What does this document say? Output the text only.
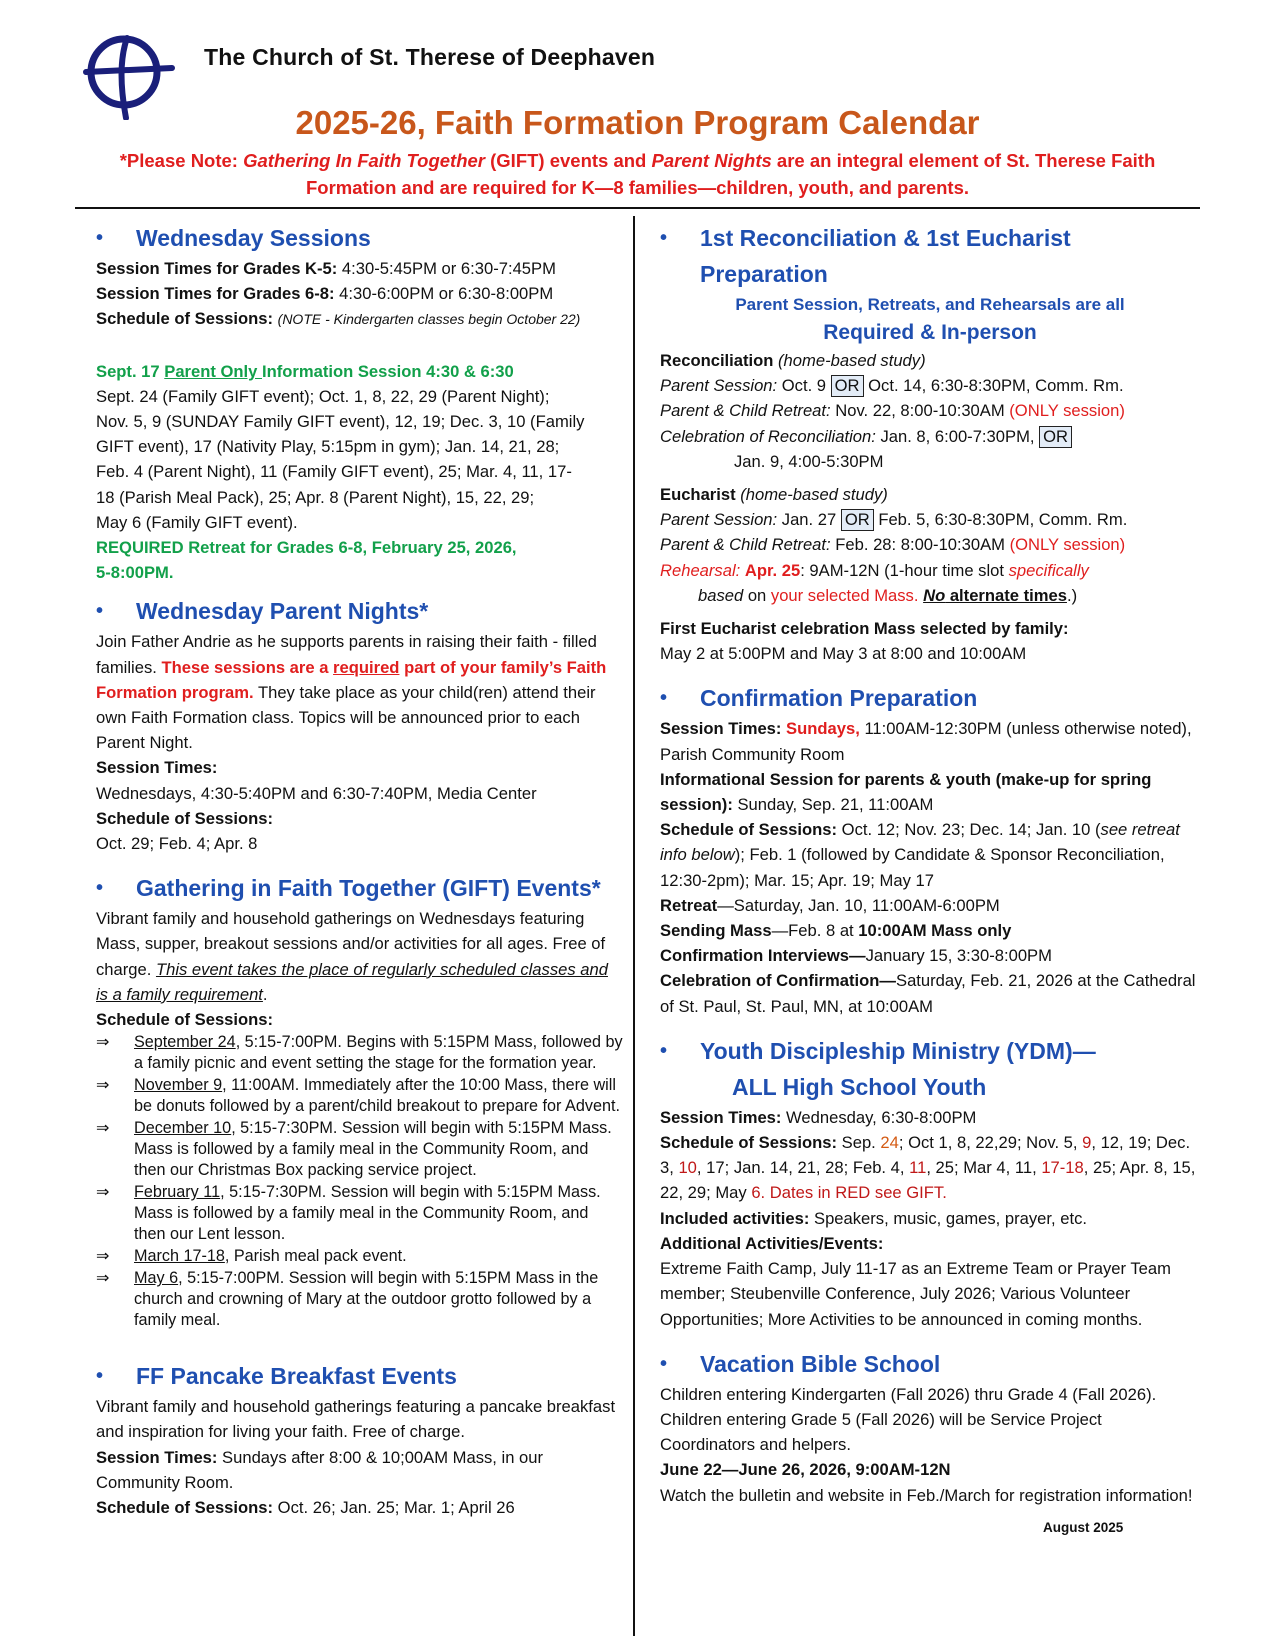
The Church of St. Therese of Deephaven
2025-26, Faith Formation Program Calendar
*Please Note: Gathering In Faith Together (GIFT) events and Parent Nights are an integral element of St. Therese Faith Formation and are required for K—8 families—children, youth, and parents.
• Wednesday Sessions
Session Times for Grades K-5: 4:30-5:45PM or 6:30-7:45PM
Session Times for Grades 6-8: 4:30-6:00PM or 6:30-8:00PM
Schedule of Sessions: (NOTE - Kindergarten classes begin October 22)
Sept. 17 Parent Only Information Session 4:30 & 6:30
Sept. 24 (Family GIFT event); Oct. 1, 8, 22, 29 (Parent Night);
Nov. 5, 9 (SUNDAY Family GIFT event), 12, 19; Dec. 3, 10 (Family
GIFT event), 17 (Nativity Play, 5:15pm in gym); Jan. 14, 21, 28;
Feb. 4 (Parent Night), 11 (Family GIFT event), 25; Mar. 4, 11, 17-
18 (Parish Meal Pack), 25; Apr. 8 (Parent Night), 15, 22, 29;
May 6 (Family GIFT event).
REQUIRED Retreat for Grades 6-8, February 25, 2026,
5-8:00PM.
• Wednesday Parent Nights*
Join Father Andrie as he supports parents in raising their faith - filled families. These sessions are a required part of your family’s Faith Formation program. They take place as your child(ren) attend their own Faith Formation class. Topics will be announced prior to each Parent Night.
Session Times:
Wednesdays, 4:30-5:40PM and 6:30-7:40PM, Media Center
Schedule of Sessions:
Oct. 29; Feb. 4; Apr. 8
• Gathering in Faith Together (GIFT) Events*
Vibrant family and household gatherings on Wednesdays featuring Mass, supper, breakout sessions and/or activities for all ages. Free of charge. This event takes the place of regularly scheduled classes and is a family requirement.
Schedule of Sessions:
⇒ September 24, 5:15-7:00PM. Begins with 5:15PM Mass, followed by a family picnic and event setting the stage for the formation year.
⇒ November 9, 11:00AM. Immediately after the 10:00 Mass, there will be donuts followed by a parent/child breakout to prepare for Advent.
⇒ December 10, 5:15-7:30PM. Session will begin with 5:15PM Mass. Mass is followed by a family meal in the Community Room, and then our Christmas Box packing service project.
⇒ February 11, 5:15-7:30PM. Session will begin with 5:15PM Mass. Mass is followed by a family meal in the Community Room, and then our Lent lesson.
⇒ March 17-18, Parish meal pack event.
⇒ May 6, 5:15-7:00PM. Session will begin with 5:15PM Mass in the church and crowning of Mary at the outdoor grotto followed by a family meal.
• FF Pancake Breakfast Events
Vibrant family and household gatherings featuring a pancake breakfast and inspiration for living your faith. Free of charge.
Session Times: Sundays after 8:00 & 10;00AM Mass, in our Community Room.
Schedule of Sessions: Oct. 26; Jan. 25; Mar. 1; April 26
• 1st Reconciliation & 1st Eucharist Preparation
Parent Session, Retreats, and Rehearsals are all
Required & In-person
Reconciliation (home-based study)
Parent Session: Oct. 9 OR Oct. 14, 6:30-8:30PM, Comm. Rm.
Parent & Child Retreat: Nov. 22, 8:00-10:30AM (ONLY session)
Celebration of Reconciliation: Jan. 8, 6:00-7:30PM, OR
Jan. 9, 4:00-5:30PM
Eucharist (home-based study)
Parent Session: Jan. 27 OR Feb. 5, 6:30-8:30PM, Comm. Rm.
Parent & Child Retreat: Feb. 28: 8:00-10:30AM (ONLY session)
Rehearsal: Apr. 25: 9AM-12N (1-hour time slot specifically
based on your selected Mass. No alternate times.)
First Eucharist celebration Mass selected by family:
May 2 at 5:00PM and May 3 at 8:00 and 10:00AM
• Confirmation Preparation
Session Times: Sundays, 11:00AM-12:30PM (unless otherwise noted), Parish Community Room
Informational Session for parents & youth (make-up for spring session): Sunday, Sep. 21, 11:00AM
Schedule of Sessions: Oct. 12; Nov. 23; Dec. 14; Jan. 10 (see retreat info below); Feb. 1 (followed by Candidate & Sponsor Reconciliation, 12:30-2pm); Mar. 15; Apr. 19; May 17
Retreat—Saturday, Jan. 10, 11:00AM-6:00PM
Sending Mass—Feb. 8 at 10:00AM Mass only
Confirmation Interviews—January 15, 3:30-8:00PM
Celebration of Confirmation—Saturday, Feb. 21, 2026 at the Cathedral of St. Paul, St. Paul, MN, at 10:00AM
• Youth Discipleship Ministry (YDM)—
ALL High School Youth
Session Times: Wednesday, 6:30-8:00PM
Schedule of Sessions: Sep. 24; Oct 1, 8, 22,29; Nov. 5, 9, 12, 19; Dec. 3, 10, 17; Jan. 14, 21, 28; Feb. 4, 11, 25; Mar 4, 11, 17-18, 25; Apr. 8, 15, 22, 29; May 6. Dates in RED see GIFT.
Included activities: Speakers, music, games, prayer, etc.
Additional Activities/Events:
Extreme Faith Camp, July 11-17 as an Extreme Team or Prayer Team member; Steubenville Conference, July 2026; Various Volunteer Opportunities; More Activities to be announced in coming months.
• Vacation Bible School
Children entering Kindergarten (Fall 2026) thru Grade 4 (Fall 2026). Children entering Grade 5 (Fall 2026) will be Service Project Coordinators and helpers.
June 22—June 26, 2026, 9:00AM-12N
Watch the bulletin and website in Feb./March for registration information!
August 2025
